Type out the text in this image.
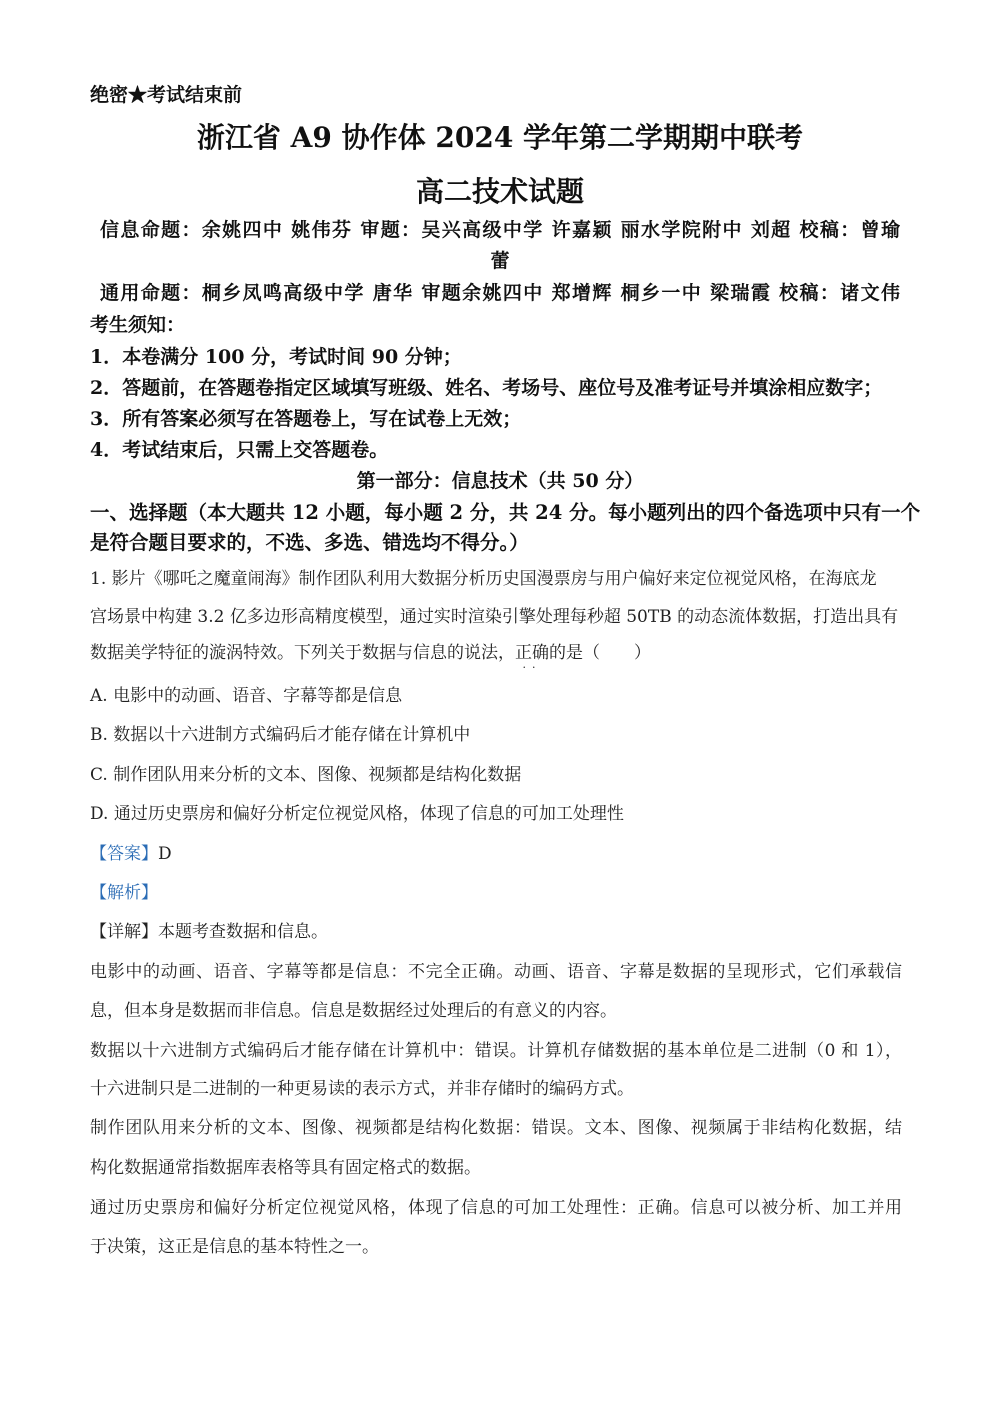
绝密★考试结束前
浙江省 A9 协作体 2024 学年第二学期期中联考
高二技术试题
信息命题：余姚四中 姚伟芬 审题：吴兴高级中学 许嘉颖 丽水学院附中 刘超 校稿：曾瑜
蕾
通用命题：桐乡凤鸣高级中学 唐华 审题余姚四中 郑增辉 桐乡一中 梁瑞霞 校稿：诸文伟
考生须知：
1．本卷满分 100 分，考试时间 90 分钟；
2．答题前，在答题卷指定区域填写班级、姓名、考场号、座位号及准考证号并填涂相应数字；
3．所有答案必须写在答题卷上，写在试卷上无效；
4．考试结束后，只需上交答题卷。
第一部分：信息技术（共 50 分）
一、选择题（本大题共 12 小题，每小题 2 分，共 24 分。每小题列出的四个备选项中只有一个
是符合题目要求的，不选、多选、错选均不得分。）
1. 影片《哪吒之魔童闹海》制作团队利用大数据分析历史国漫票房与用户偏好来定位视觉风格，在海底龙
宫场景中构建 3.2 亿多边形高精度模型，通过实时渲染引擎处理每秒超 50TB 的动态流体数据，打造出具有
数据美学特征的漩涡特效。下列关于数据与信息的说法，正确
··
的是（　　）
A. 电影中的动画、语音、字幕等都是信息
B. 数据以十六进制方式编码后才能存储在计算机中
C. 制作团队用来分析的文本、图像、视频都是结构化数据
D. 通过历史票房和偏好分析定位视觉风格，体现了信息的可加工处理性
【答案】D
【解析】
【详解】本题考查数据和信息。
电影中的动画、语音、字幕等都是信息：不完全正确。动画、语音、字幕是数据的呈现形式，它们承载信
息，但本身是数据而非信息。信息是数据经过处理后的有意义的内容。
数据以十六进制方式编码后才能存储在计算机中：错误。计算机存储数据的基本单位是二进制（0 和 1），
十六进制只是二进制的一种更易读的表示方式，并非存储时的编码方式。
制作团队用来分析的文本、图像、视频都是结构化数据：错误。文本、图像、视频属于非结构化数据，结
构化数据通常指数据库表格等具有固定格式的数据。
通过历史票房和偏好分析定位视觉风格，体现了信息的可加工处理性：正确。信息可以被分析、加工并用
于决策，这正是信息的基本特性之一。
